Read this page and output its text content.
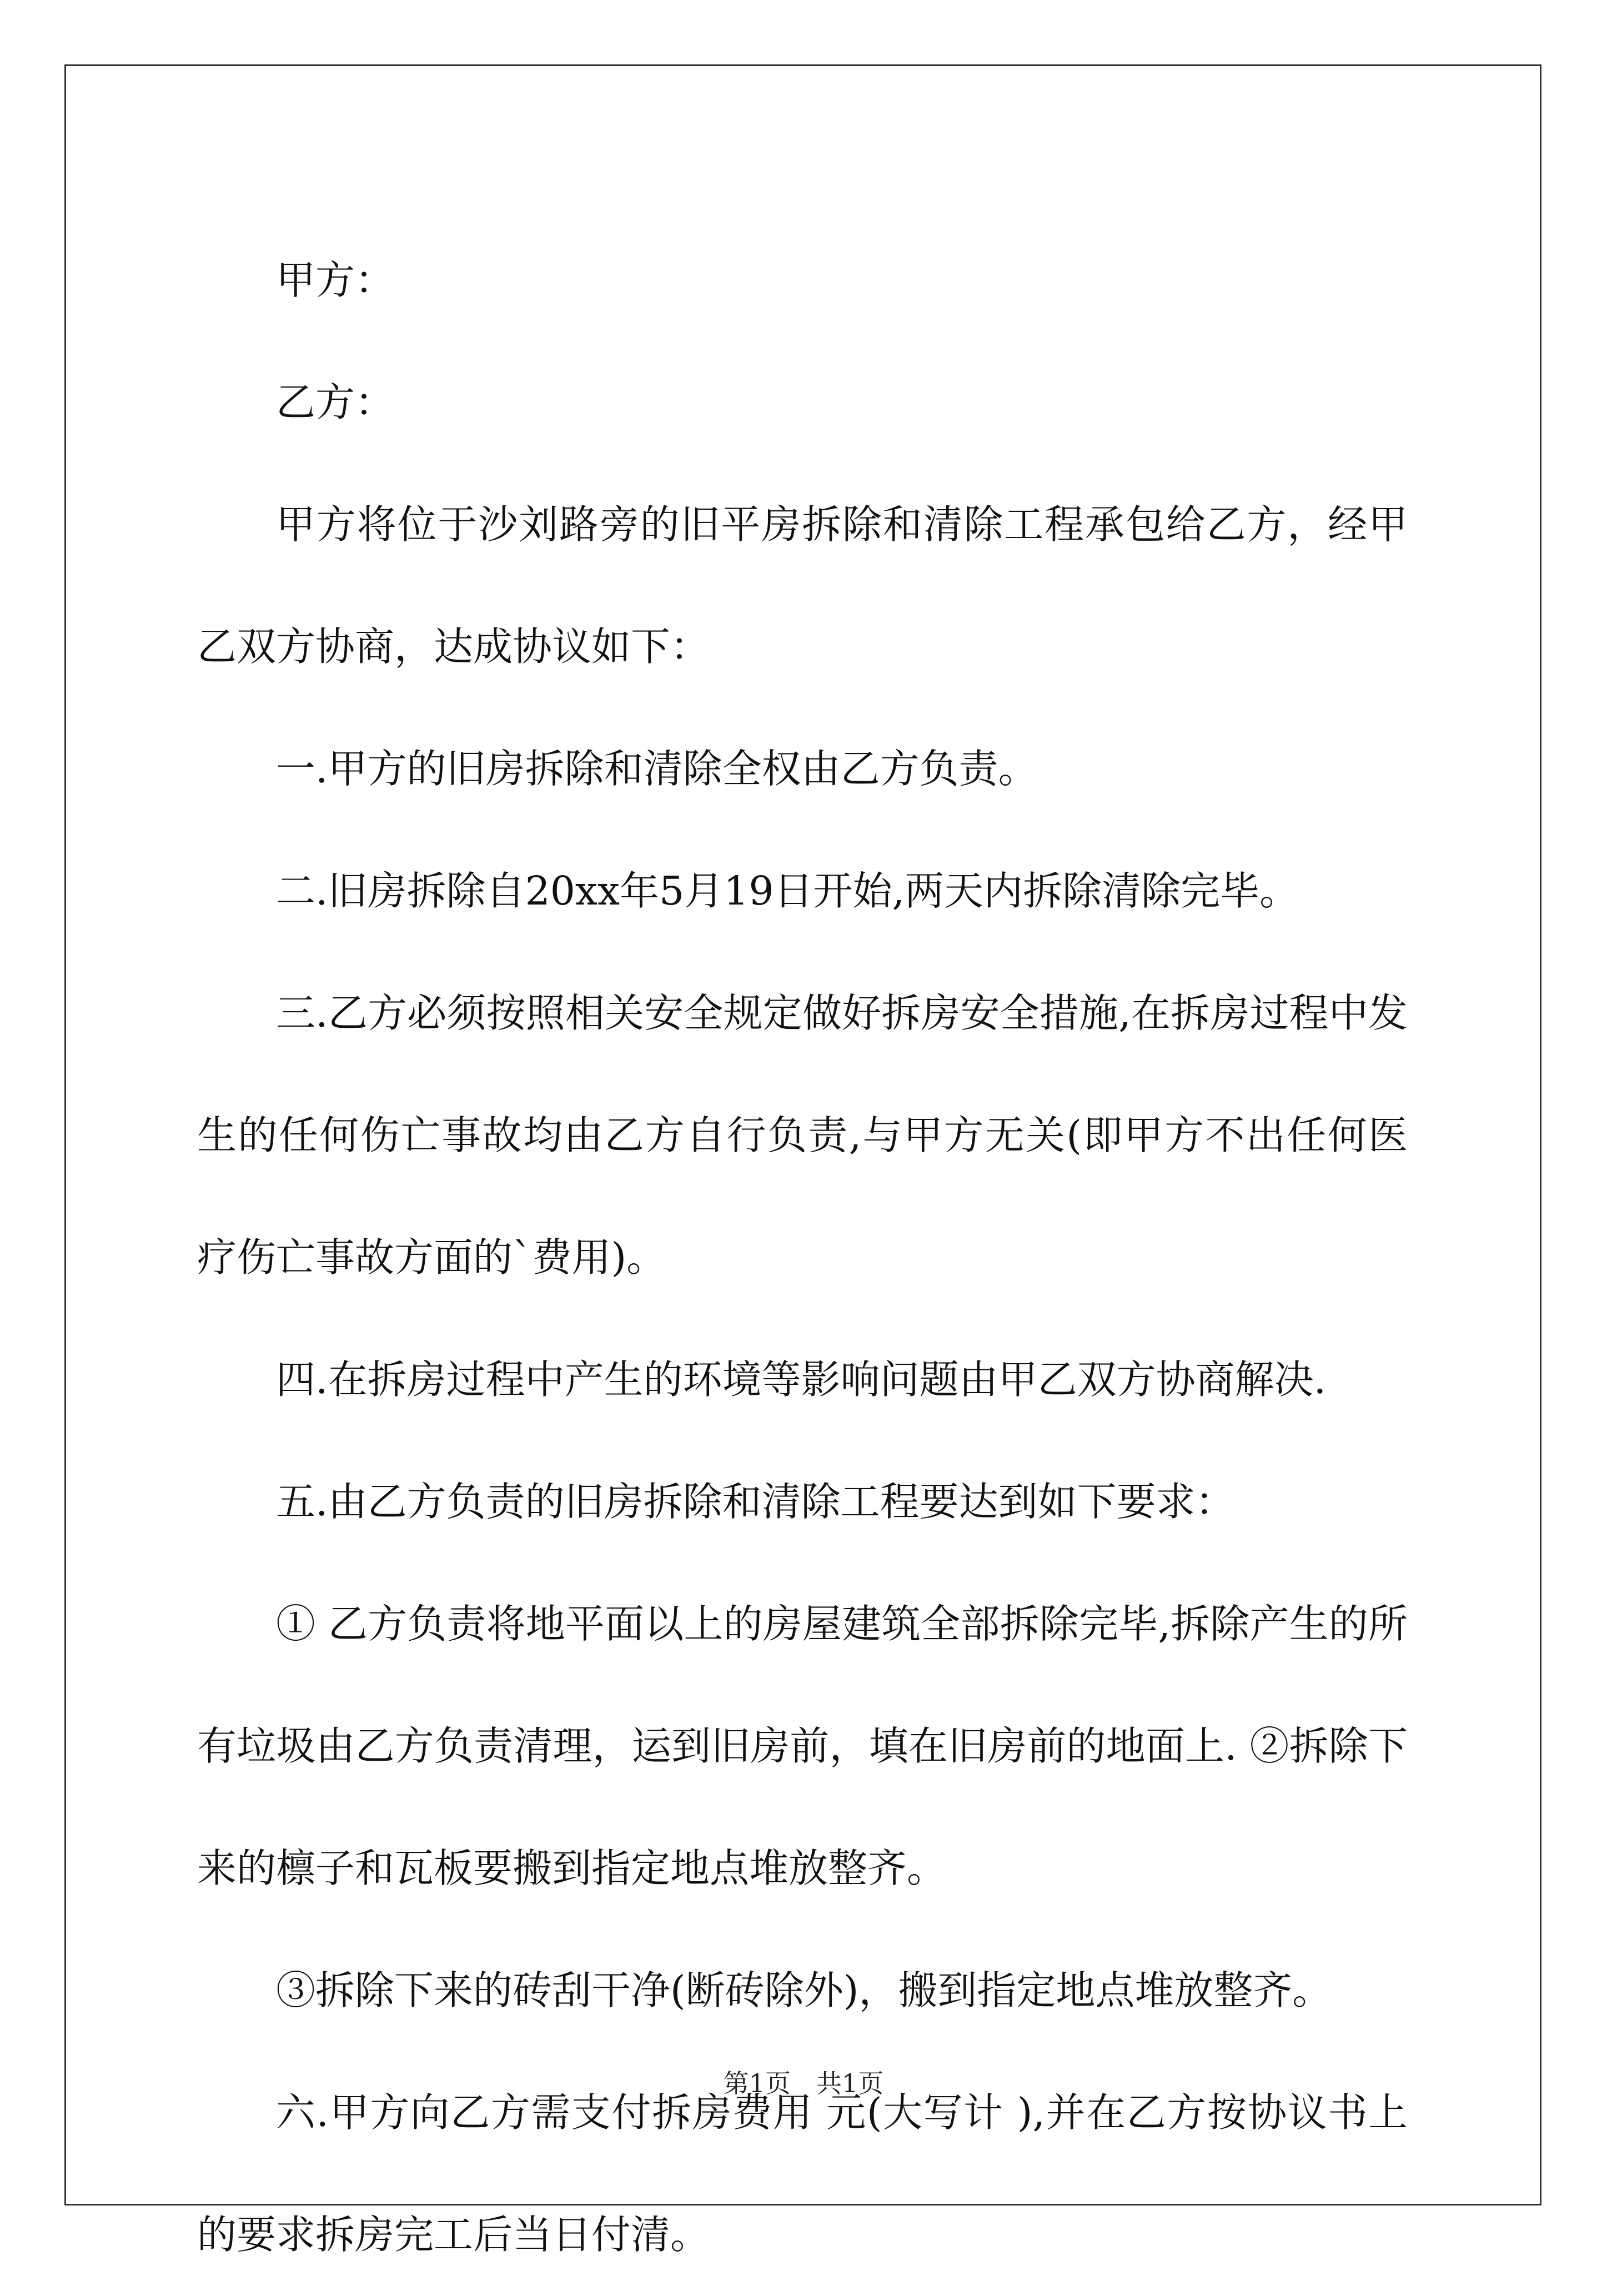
甲方：

乙方：

甲方将位于沙刘路旁的旧平房拆除和清除工程承包给乙方，经甲乙双方协商，达成协议如下：

一.甲方的旧房拆除和清除全权由乙方负责。

二.旧房拆除自20xx年5月19日开始,两天内拆除清除完毕。

三.乙方必须按照相关安全规定做好拆房安全措施,在拆房过程中发生的任何伤亡事故均由乙方自行负责,与甲方无关(即甲方不出任何医疗伤亡事故方面的`费用)。

四.在拆房过程中产生的环境等影响问题由甲乙双方协商解决.

五.由乙方负责的旧房拆除和清除工程要达到如下要求：

① 乙方负责将地平面以上的房屋建筑全部拆除完毕,拆除产生的所有垃圾由乙方负责清理，运到旧房前，填在旧房前的地面上. ②拆除下来的檩子和瓦板要搬到指定地点堆放整齐。

③拆除下来的砖刮干净(断砖除外)，搬到指定地点堆放整齐。

六.甲方向乙方需支付拆房费用 元(大写计 ),并在乙方按协议书上的要求拆房完工后当日付清。

第1页　共1页
